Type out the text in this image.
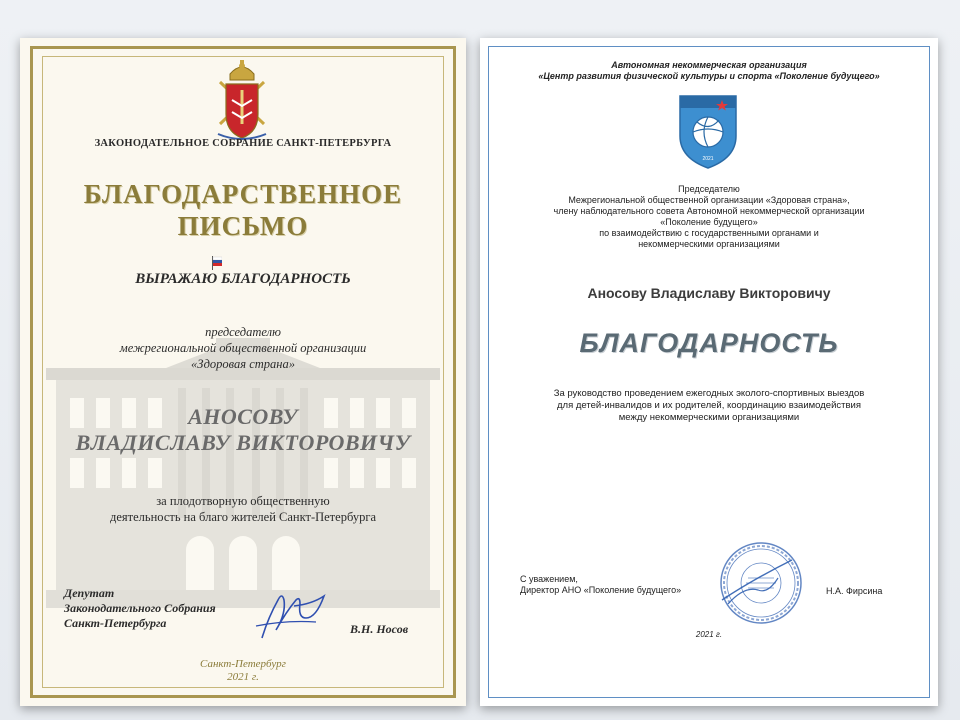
ЗАКОНОДАТЕЛЬНОЕ СОБРАНИЕ САНКТ-ПЕТЕРБУРГА
БЛАГОДАРСТВЕННОЕ
ПИСЬМО
ВЫРАЖАЮ БЛАГОДАРНОСТЬ
председателю
межрегиональной общественной организации
«Здоровая страна»
АНОСОВУ
ВЛАДИСЛАВУ ВИКТОРОВИЧУ
за плодотворную общественную
деятельность на благо жителей Санкт-Петербурга
Депутат
Законодательного Собрания
Санкт-Петербурга	В.Н. Носов
Санкт-Петербург
2021 г.
Автономная некоммерческая организация
«Центр развития физической культуры и спорта «Поколение будущего»
2021
Председателю
Межрегиональной общественной организации «Здоровая страна»,
члену наблюдательного совета Автономной некоммерческой организации
«Поколение будущего»
по взаимодействию с государственными органами и
некоммерческими организациями
Аносову Владиславу Викторовичу
БЛАГОДАРНОСТЬ
За руководство проведением ежегодных эколого-спортивных выездов
для детей-инвалидов и их родителей, координацию взаимодействия
между некоммерческими организациями
С уважением,
Директор АНО «Поколение будущего»	Н.А. Фирсина
2021 г.
